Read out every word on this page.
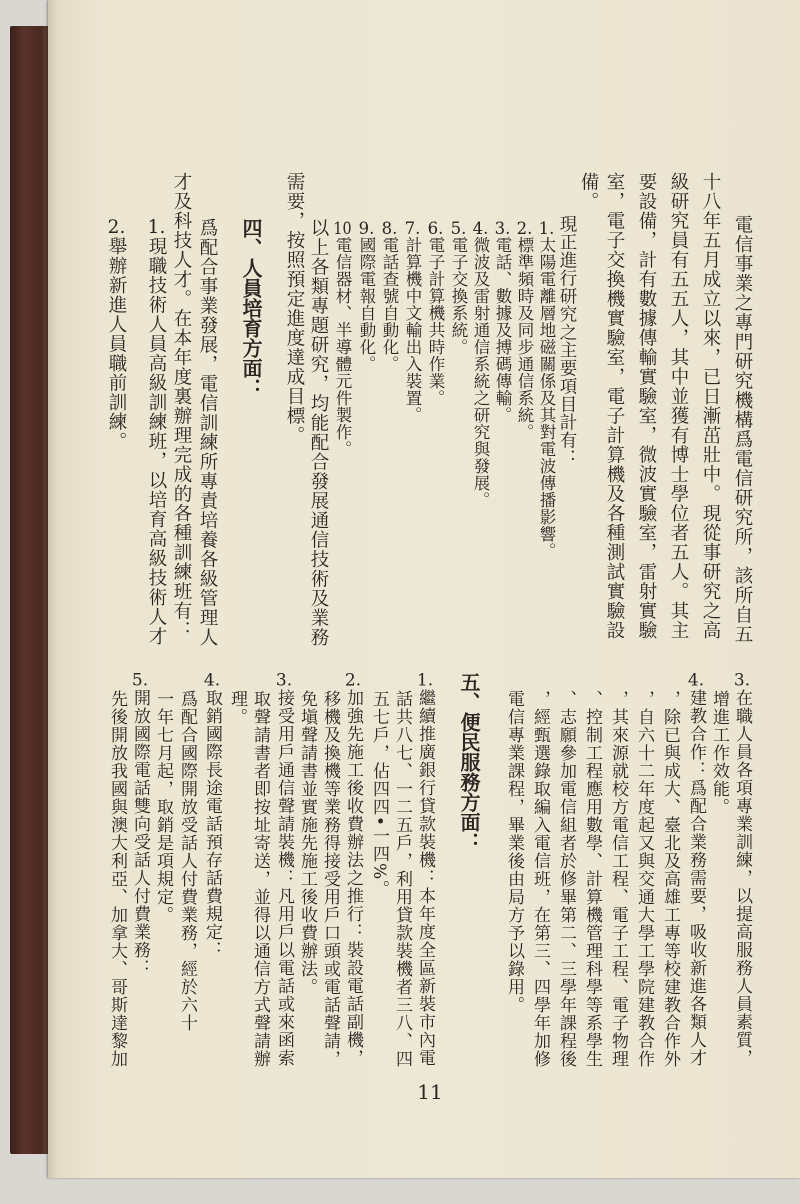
電信事業之專門研究機構爲電信研究所，該所自五
十八年五月成立以來，已日漸茁壯中。現從事研究之高
級研究員有五五人，其中並獲有博士學位者五人。其主
要設備，計有數據傳輸實驗室，微波實驗室，雷射實驗
室，電子交換機實驗室，電子計算機及各種測試實驗設
備。
現正進行研究之主要項目計有：
1.太陽電離層地磁關係及其對電波傳播影響。
2.標準頻時及同步通信系統。
3.電話、數據及搏碼傳輸。
4.微波及雷射通信系統之研究與發展。
5.電子交換系統。
6.電子計算機共時作業。
7.計算機中文輸出入裝置。
8.電話查號自動化。
9.國際電報自動化。
10電信器材、半導體元件製作。
以上各類專題研究，均能配合發展通信技術及業務
需要，按照預定進度達成目標。
四、人員培育方面：
爲配合事業發展，電信訓練所專責培養各級管理人
才及科技人才。在本年度裏辦理完成的各種訓練班有：
1.現職技術人員高級訓練班，以培育高級技術人才
2.舉辦新進人員職前訓練。
3.在職人員各項專業訓練，以提高服務人員素質，
增進工作效能。
4.建教合作：爲配合業務需要，吸收新進各類人才
，除已與成大、臺北及高雄工專等校建教合作外
，自六十二年度起又與交通大學工學院建教合作
，其來源就校方電信工程、電子工程、電子物理
、控制工程應用數學、計算機管理科學等系學生
、志願參加電信組者於修畢第二、三學年課程後
，經甄選錄取編入電信班，在第三、四學年加修
電信專業課程，畢業後由局方予以錄用。
五、便民服務方面：
1.繼續推廣銀行貸款裝機：本年度全區新裝市內電
話共八七、一二五戶，利用貸款裝機者三八、四
五七戶，佔四四•一四%。
2.加強先施工後收費辦法之推行：裝設電話副機，
移機及換機等業務得接受用戶口頭或電話聲請，
免塡聲請書並實施先施工後收費辦法。
3.接受用戶通信聲請裝機：凡用戶以電話或來函索
取聲請書者即按址寄送，並得以通信方式聲請辦
理。
4.取銷國際長途電話預存話費規定：
爲配合國際開放受話人付費業務，經於六十
一年七月起，取銷是項規定。
5.開放國際電話雙向受話人付費業務：
先後開放我國與澳大利亞、加拿大、哥斯達黎加
11
